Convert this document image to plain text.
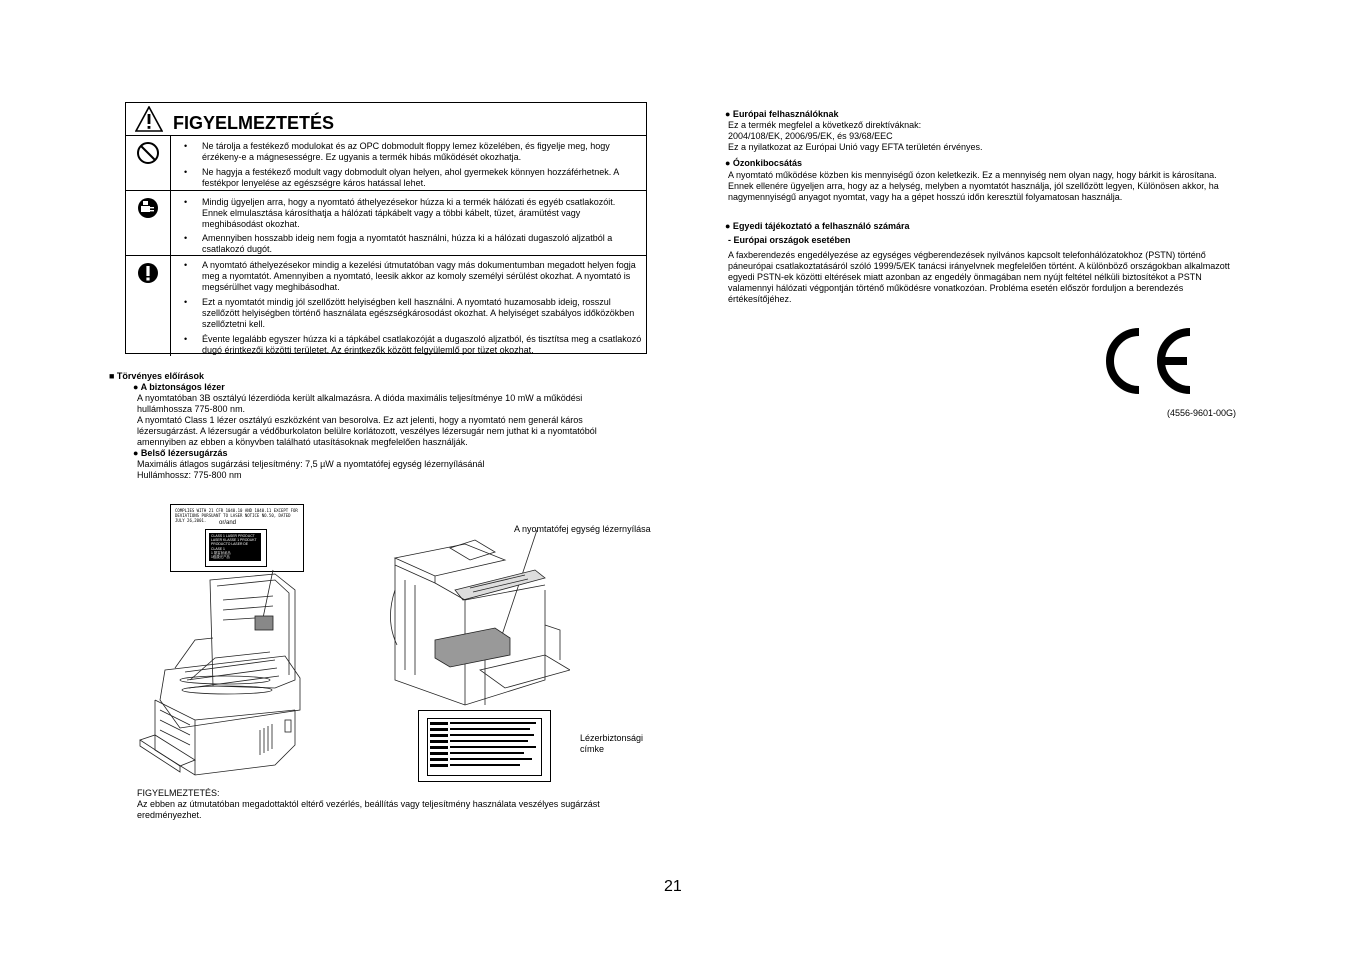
FIGYELMEZTETÉS
• Ne tárolja a festékező modulokat és az OPC dobmodult floppy lemez közelében, és figyelje meg, hogy érzékeny-e a mágnesességre. Ez ugyanis a termék hibás működését okozhatja.
• Ne hagyja a festékező modult vagy dobmodult olyan helyen, ahol gyermekek könnyen hozzáférhetnek. A festékpor lenyelése az egészségre káros hatással lehet.
• Mindig ügyeljen arra, hogy a nyomtató áthelyezésekor húzza ki a termék hálózati és egyéb csatlakozóit. Ennek elmulasztása károsíthatja a hálózati tápkábelt vagy a többi kábelt, tüzet, áramütést vagy meghibásodást okozhat.
• Amennyiben hosszabb ideig nem fogja a nyomtatót használni, húzza ki a hálózati dugaszoló aljzatból a csatlakozó dugót.
• A nyomtató áthelyezésekor mindig a kezelési útmutatóban vagy más dokumentumban megadott helyen fogja meg a nyomtatót. Amennyiben a nyomtató, leesik akkor az komoly személyi sérülést okozhat. A nyomtató is megsérülhet vagy meghibásodhat.
• Ezt a nyomtatót mindig jól szellőzött helyiségben kell használni. A nyomtató huzamosabb ideig, rosszul szellőzött helyiségben történő használata egészségkárosodást okozhat. A helyiséget szabályos időközökben szellőztetni kell.
• Évente legalább egyszer húzza ki a tápkábel csatlakozóját a dugaszoló aljzatból, és tisztítsa meg a csatlakozó dugó érintkezői közötti területet. Az érintkezők között felgyülemlő por tüzet okozhat.
■ Törvényes előírások
● A biztonságos lézer
A nyomtatóban 3B osztályú lézerdióda került alkalmazásra. A dióda maximális teljesítménye 10 mW a működési hullámhossza 775-800 nm.
A nyomtató Class 1 lézer osztályú eszközként van besorolva. Ez azt jelenti, hogy a nyomtató nem generál káros lézersugárzást. A lézersugár a védőburkolaton belülre korlátozott, veszélyes lézersugár nem juthat ki a nyomtatóból amennyiben az ebben a könyvben található utasításoknak megfelelően használják.
● Belső lézersugárzás
Maximális átlagos sugárzási teljesítmény: 7,5 µW a nyomtatófej egység lézernyílásánál
Hullámhossz: 775-800 nm
COMPLIES WITH 21 CFR 1040.10 AND 1040.11 EXCEPT FOR DEVIATIONS PURSUANT TO LASER NOTICE NO.50, DATED JULY 26,2001.	or/and
CLASS 1 LASER PRODUCT
LASER KLASSE 1 PRODUKT
PRODUCTO LASER DE CLASE 1
1 類雷射產品
1级激光产品
A nyomtatófej egység lézernyílása
Lézerbiztonsági címke
FIGYELMEZTETÉS:
Az ebben az útmutatóban megadottaktól eltérő vezérlés, beállítás vagy teljesítmény használata veszélyes sugárzást eredményezhet.
● Európai felhasználóknak
Ez a termék megfelel a következő direktíváknak:
2004/108/EK, 2006/95/EK, és 93/68/EEC
Ez a nyilatkozat az Európai Unió vagy EFTA területén érvényes.
● Ózonkibocsátás
A nyomtató működése közben kis mennyiségű ózon keletkezik. Ez a mennyiség nem olyan nagy, hogy bárkit is károsítana. Ennek ellenére ügyeljen arra, hogy az a helység, melyben a nyomtatót használja, jól szellőzött legyen, Különösen akkor, ha nagymennyiségű anyagot nyomtat, vagy ha a gépet hosszú időn keresztül folyamatosan használja.
● Egyedi tájékoztató a felhasználó számára
- Európai országok esetében
A faxberendezés engedélyezése az egységes végberendezések nyilvános kapcsolt telefonhálózatokhoz (PSTN) történő páneurópai csatlakoztatásáról szóló 1999/5/EK tanácsi irányelvnek megfelelően történt. A különböző országokban alkalmazott egyedi PSTN-ek közötti eltérések miatt azonban az engedély önmagában nem nyújt feltétel nélküli biztosítékot a PSTN valamennyi hálózati végpontján történő működésre vonatkozóan. Probléma esetén először forduljon a berendezés értékesítőjéhez.
(4556-9601-00G)
21
